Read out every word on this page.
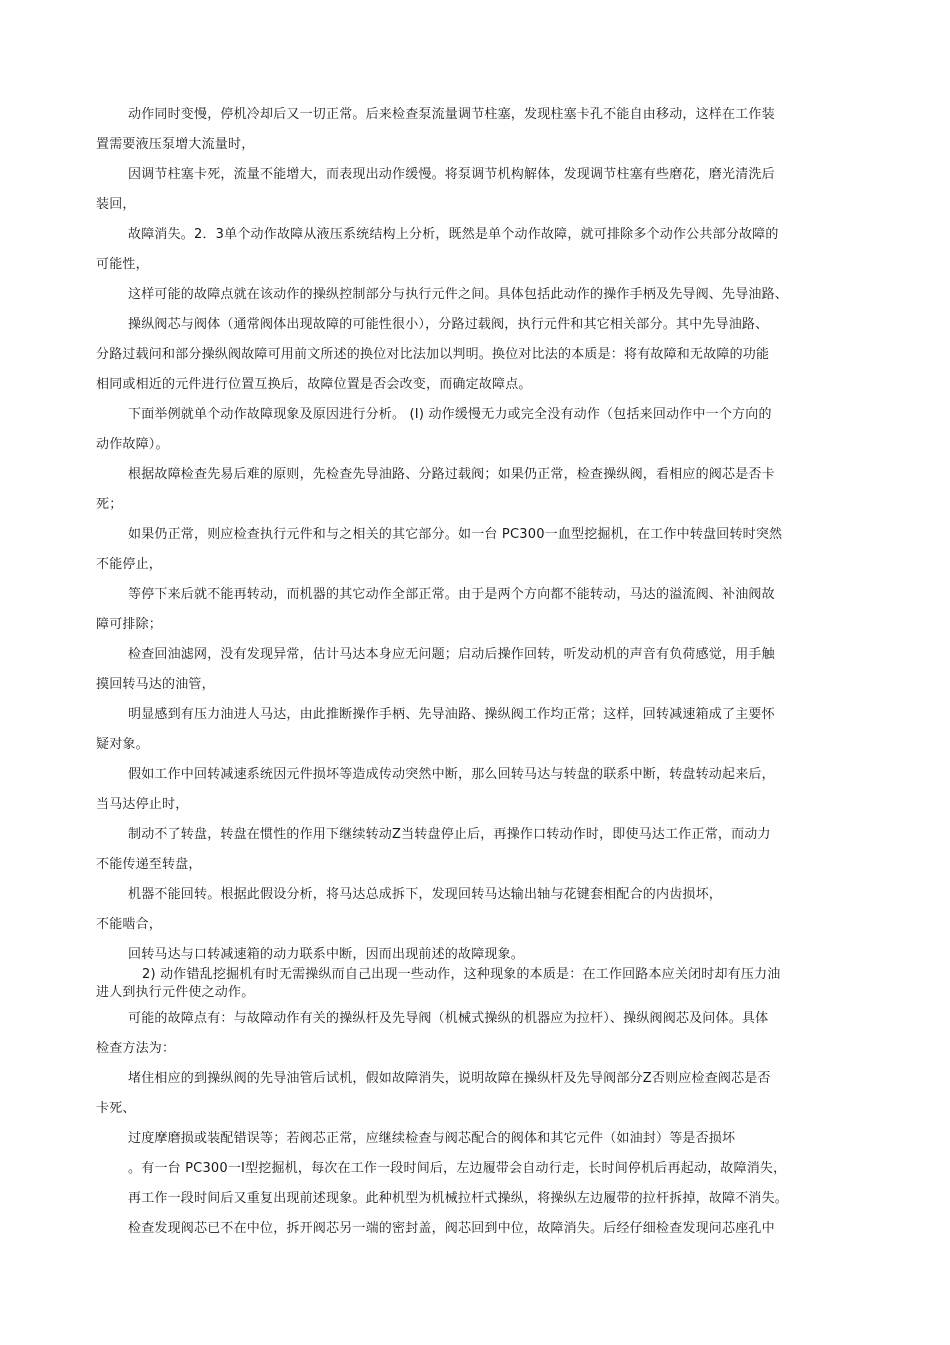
动作同时变慢，停机冷却后又一切正常。后来检查泵流量调节柱塞，发现柱塞卡孔不能自由移动，这样在工作装
置需要液压泵增大流量时，
因调节柱塞卡死，流量不能增大，而表现出动作缓慢。将泵调节机构解体，发现调节柱塞有些磨花，磨光清洗后
装回，
故障消失。2．3单个动作故障从液压系统结构上分析，既然是单个动作故障，就可排除多个动作公共部分故障的
可能性，
这样可能的故障点就在该动作的操纵控制部分与执行元件之间。具体包括此动作的操作手柄及先导阀、先导油路、
操纵阀芯与阀体（通常阀体出现故障的可能性很小），分路过载阀，执行元件和其它相关部分。其中先导油路、
分路过载问和部分操纵阀故障可用前文所述的换位对比法加以判明。换位对比法的本质是：将有故障和无故障的功能
相同或相近的元件进行位置互换后，故障位置是否会改变，而确定故障点。
下面举例就单个动作故障现象及原因进行分析。 (I) 动作缓慢无力或完全没有动作（包括来回动作中一个方向的
动作故障）。
根据故障检查先易后难的原则，先检查先导油路、分路过载阀；如果仍正常，检查操纵阀，看相应的阀芯是否卡
死；
如果仍正常，则应检查执行元件和与之相关的其它部分。如一台 PC300一血型挖掘机，在工作中转盘回转时突然
不能停止，
等停下来后就不能再转动，而机器的其它动作全部正常。由于是两个方向都不能转动，马达的溢流阀、补油阀故
障可排除；
检查回油滤网，没有发现异常，估计马达本身应无问题；启动后操作回转，听发动机的声音有负荷感觉，用手触
摸回转马达的油管，
明显感到有压力油进人马达，由此推断操作手柄、先导油路、操纵阀工作均正常；这样，回转减速箱成了主要怀
疑对象。
假如工作中回转减速系统因元件损坏等造成传动突然中断，那么回转马达与转盘的联系中断，转盘转动起来后，
当马达停止时，
制动不了转盘，转盘在惯性的作用下继续转动Z当转盘停止后，再操作口转动作时，即使马达工作正常，而动力
不能传递至转盘，
机器不能回转。根据此假设分析，将马达总成拆下，发现回转马达输出轴与花键套相配合的内齿损坏，
不能啮合，
回转马达与口转减速箱的动力联系中断，因而出现前述的故障现象。
2) 动作错乱挖掘机有时无需操纵而自己出现一些动作，这种现象的本质是：在工作回路本应关闭时却有压力油
进人到执行元件使之动作。
可能的故障点有：与故障动作有关的操纵杆及先导阀（机械式操纵的机器应为拉杆）、操纵阀阀芯及问体。具体
检查方法为：
堵住相应的到操纵阀的先导油管后试机，假如故障消失，说明故障在操纵杆及先导阀部分Z否则应检查阀芯是否
卡死、
过度摩磨损或装配错误等；若阀芯正常，应继续检查与阀芯配合的阀体和其它元件（如油封）等是否损坏
。有一台 PC300一I型挖掘机，每次在工作一段时间后，左边履带会自动行走，长时间停机后再起动，故障消失，
再工作一段时间后又重复出现前述现象。此种机型为机械拉杆式操纵，将操纵左边履带的拉杆拆掉，故障不消失。
检查发现阀芯已不在中位，拆开阀芯另一端的密封盖，阀芯回到中位，故障消失。后经仔细检查发现问芯座孔中
